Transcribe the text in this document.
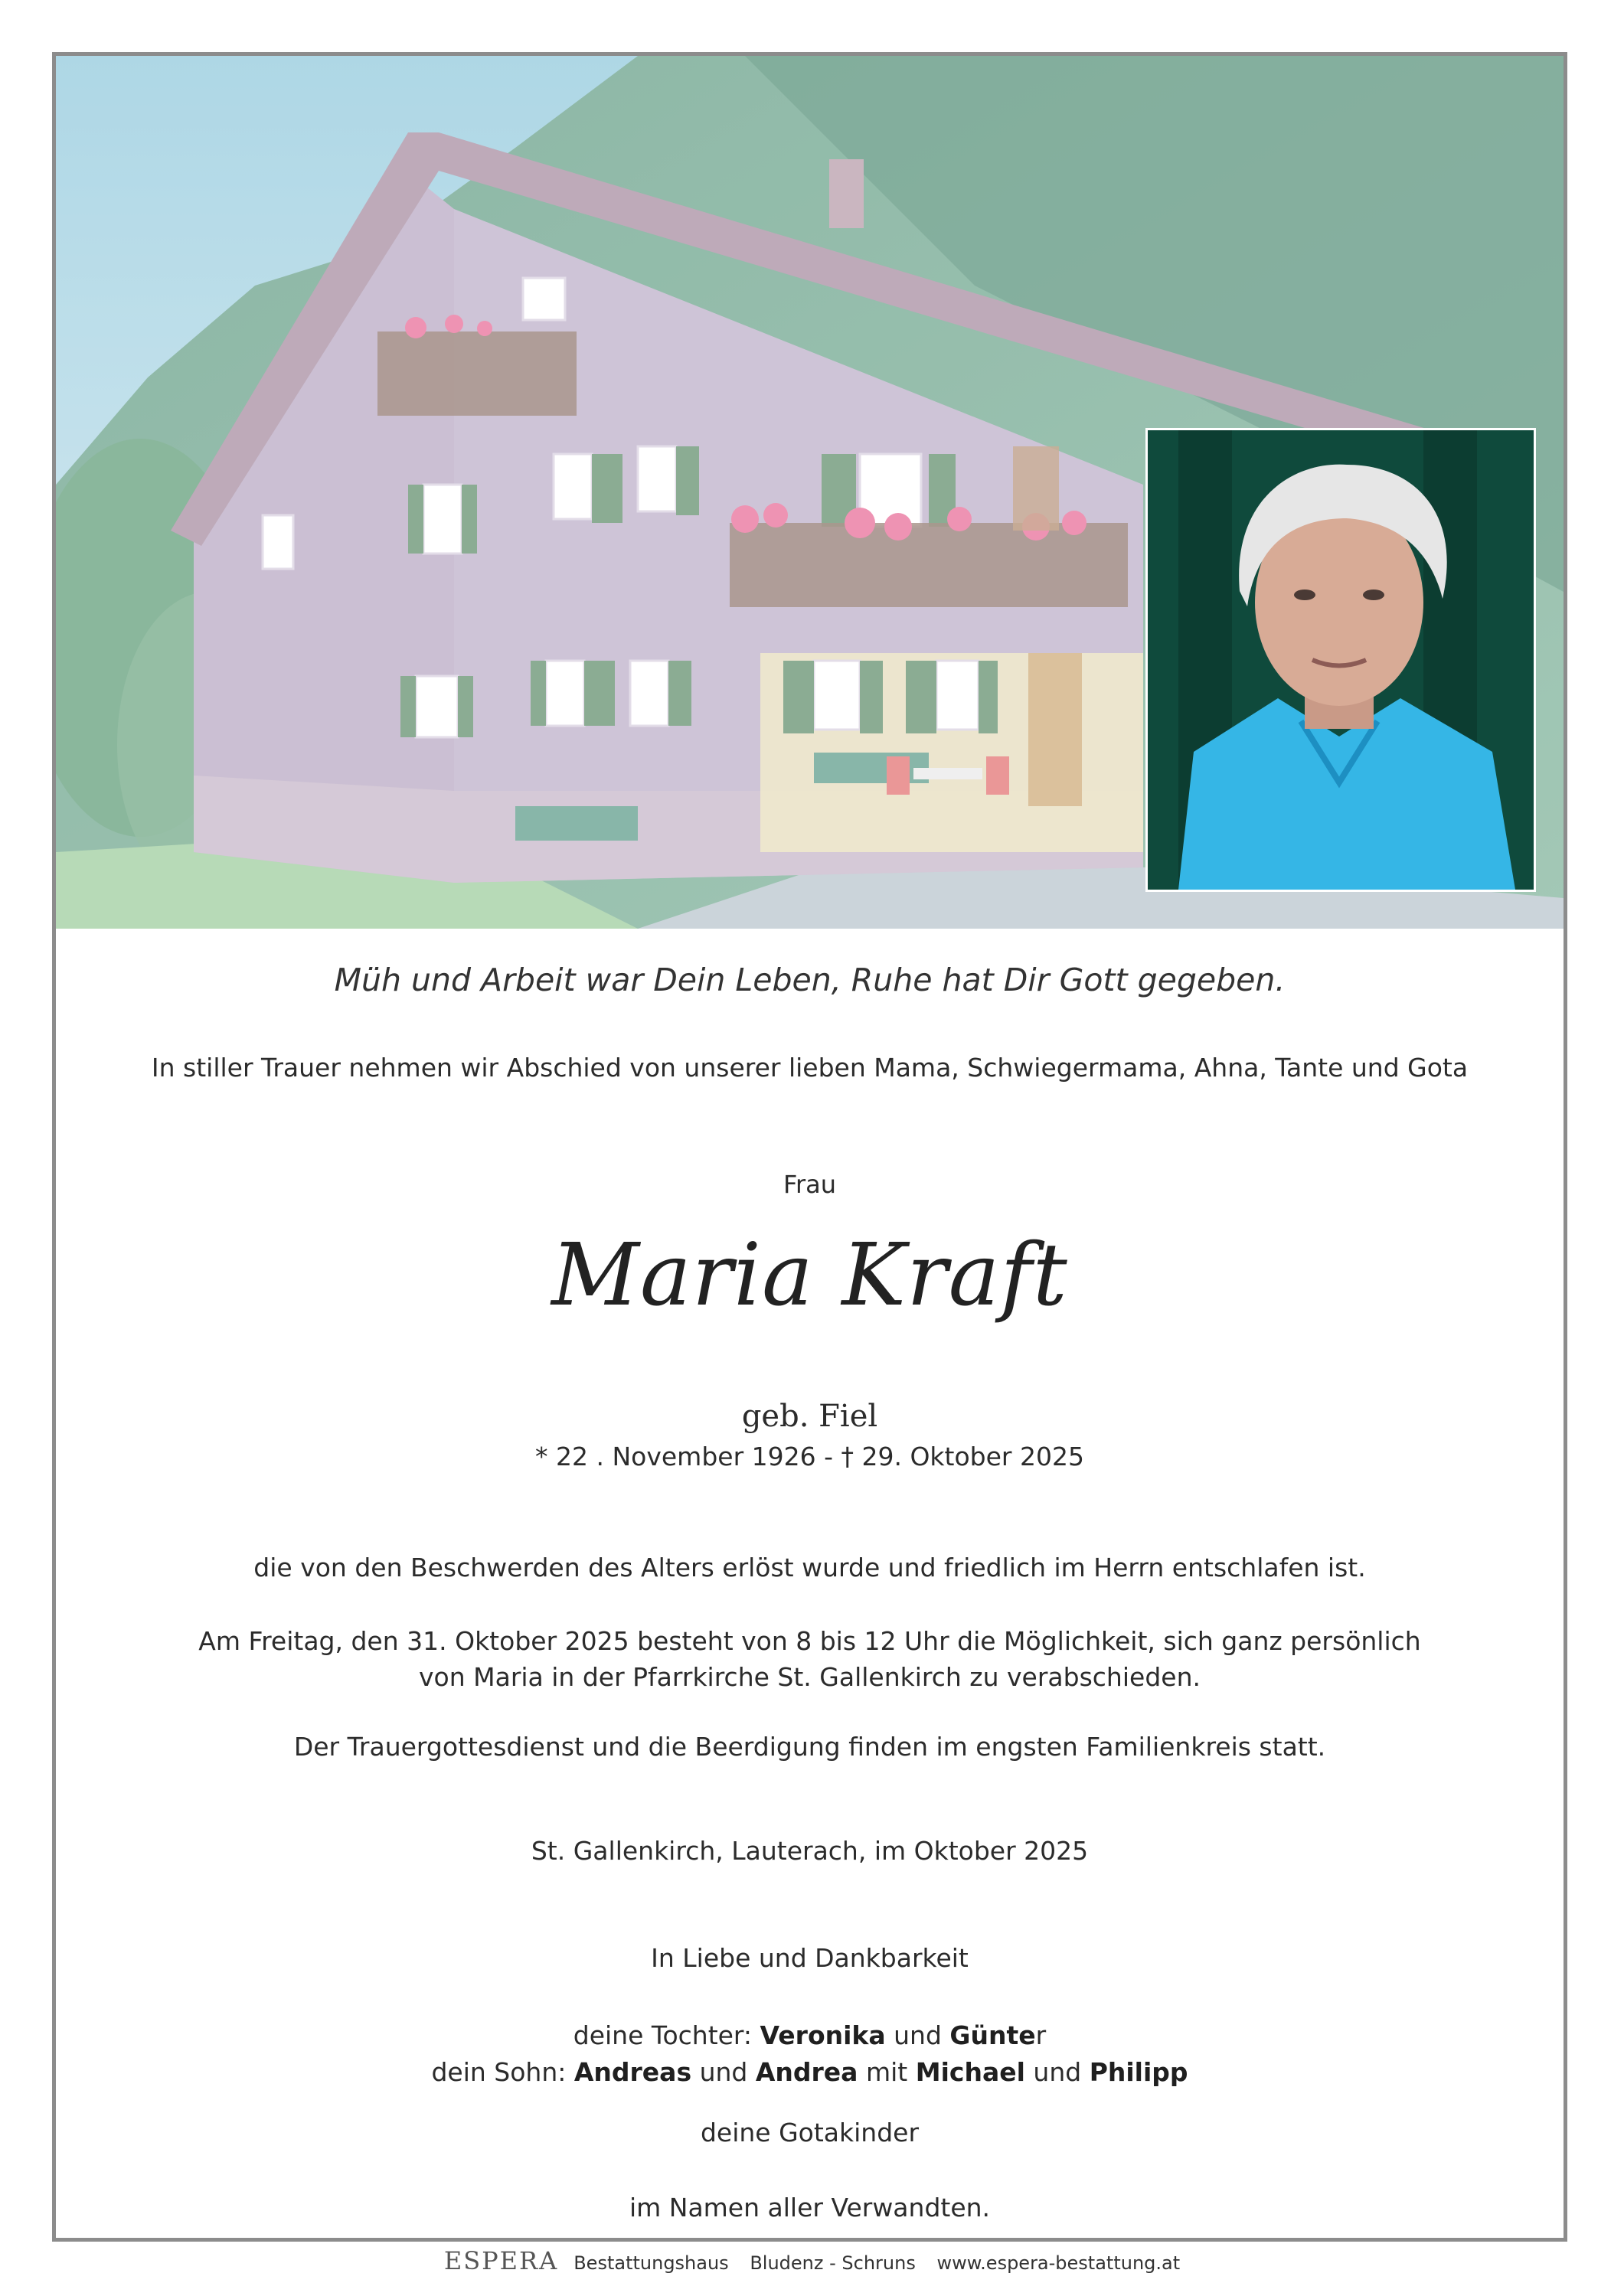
Müh und Arbeit war Dein Leben, Ruhe hat Dir Gott gegeben.
In stiller Trauer nehmen wir Abschied von unserer lieben Mama, Schwiegermama, Ahna, Tante und Gota
Frau
Maria Kraft
geb. Fiel
* 22 . November 1926 - † 29. Oktober 2025
die von den Beschwerden des Alters erlöst wurde und friedlich im Herrn entschlafen ist.
Am Freitag, den 31. Oktober 2025 besteht von 8 bis 12 Uhr die Möglichkeit, sich ganz persönlich
von Maria in der Pfarrkirche St. Gallenkirch zu verabschieden.
Der Trauergottesdienst und die Beerdigung finden im engsten Familienkreis statt.
St. Gallenkirch, Lauterach, im Oktober 2025
In Liebe und Dankbarkeit
deine Tochter: Veronika und Günter
dein Sohn: Andreas und Andrea mit Michael und Philipp
deine Gotakinder
im Namen aller Verwandten.
ESPERA Bestattungshaus Bludenz - Schruns www.espera-bestattung.at
